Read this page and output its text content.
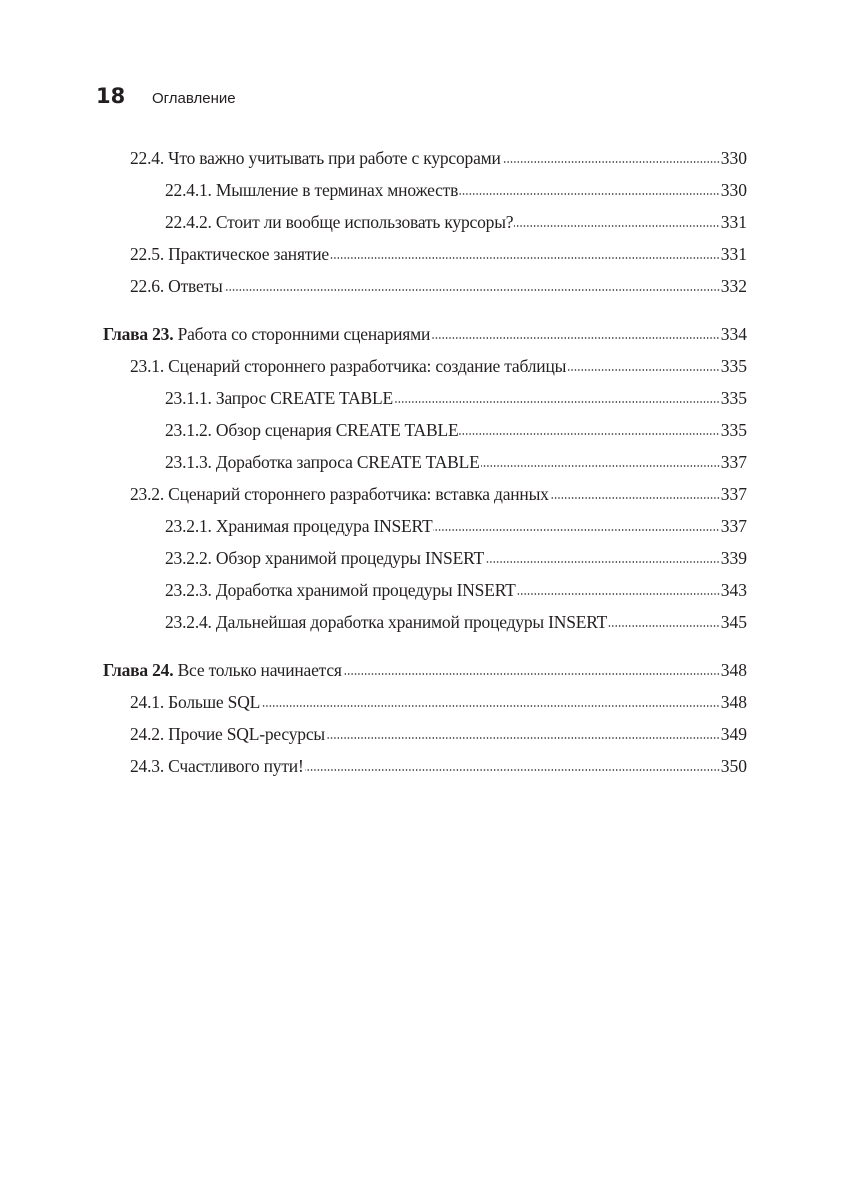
18	Оглавление
22.4. Что важно учитывать при работе с курсорами	330
22.4.1. Мышление в терминах множеств	330
22.4.2. Стоит ли вообще использовать курсоры?	331
22.5. Практическое занятие	331
22.6. Ответы	332
Глава 23. Работа со сторонними сценариями	334
23.1. Сценарий стороннего разработчика: создание таблицы	335
23.1.1. Запрос CREATE TABLE	335
23.1.2. Обзор сценария CREATE TABLE	335
23.1.3. Доработка запроса CREATE TABLE	337
23.2. Сценарий стороннего разработчика: вставка данных	337
23.2.1. Хранимая процедура INSERT	337
23.2.2. Обзор хранимой процедуры INSERT	339
23.2.3. Доработка хранимой процедуры INSERT	343
23.2.4. Дальнейшая доработка хранимой процедуры INSERT	345
Глава 24. Все только начинается	348
24.1. Больше SQL	348
24.2. Прочие SQL-ресурсы	349
24.3. Счастливого пути!	350
